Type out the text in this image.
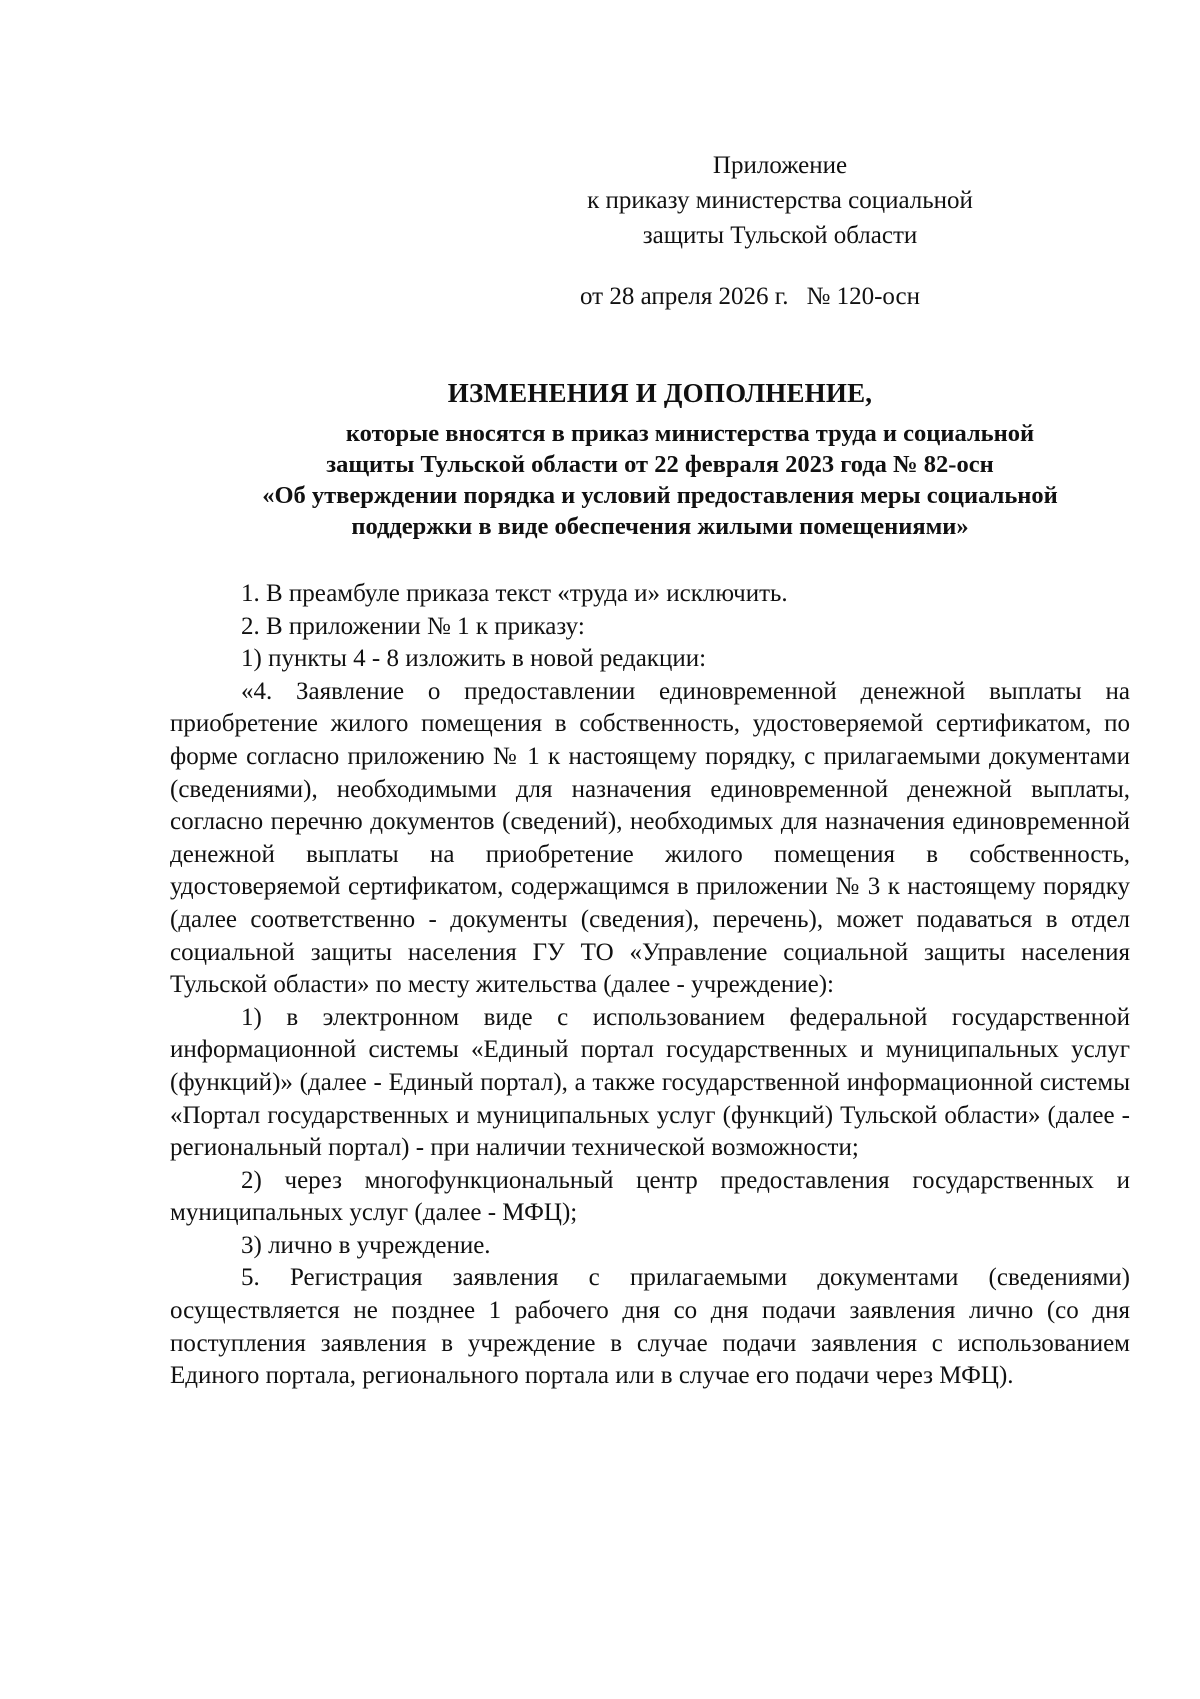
Приложение
к приказу министерства социальной
защиты Тульской области
от 28 апреля 2026 г. № 120-осн
ИЗМЕНЕНИЯ И ДОПОЛНЕНИЕ,
которые вносятся в приказ министерства труда и социальной
защиты Тульской области от 22 февраля 2023 года № 82-осн
«Об утверждении порядка и условий предоставления меры социальной
поддержки в виде обеспечения жилыми помещениями»

1. В преамбуле приказа текст «труда и» исключить.

2. В приложении № 1 к приказу:

1) пункты 4 - 8 изложить в новой редакции:

«4. Заявление о предоставлении единовременной денежной выплаты на приобретение жилого помещения в собственность, удостоверяемой сертификатом, по форме согласно приложению № 1 к настоящему порядку, с прилагаемыми документами (сведениями), необходимыми для назначения единовременной денежной выплаты, согласно перечню документов (сведений), необходимых для назначения единовременной денежной выплаты на приобретение жилого помещения в собственность, удостоверяемой сертификатом, содержащимся в приложении № 3 к настоящему порядку (далее соответственно - документы (сведения), перечень), может подаваться в отдел социальной защиты населения ГУ ТО «Управление социальной защиты населения Тульской области» по месту жительства (далее - учреждение):

1) в электронном виде с использованием федеральной государственной информационной системы «Единый портал государственных и муниципальных услуг (функций)» (далее - Единый портал), а также государственной информационной системы «Портал государственных и муниципальных услуг (функций) Тульской области» (далее - региональный портал) - при наличии технической возможности;

2) через многофункциональный центр предоставления государственных и муниципальных услуг (далее - МФЦ);

3) лично в учреждение.

5. Регистрация заявления с прилагаемыми документами (сведениями) осуществляется не позднее 1 рабочего дня со дня подачи заявления лично (со дня поступления заявления в учреждение в случае подачи заявления с использованием Единого портала, регионального портала или в случае его подачи через МФЦ).
